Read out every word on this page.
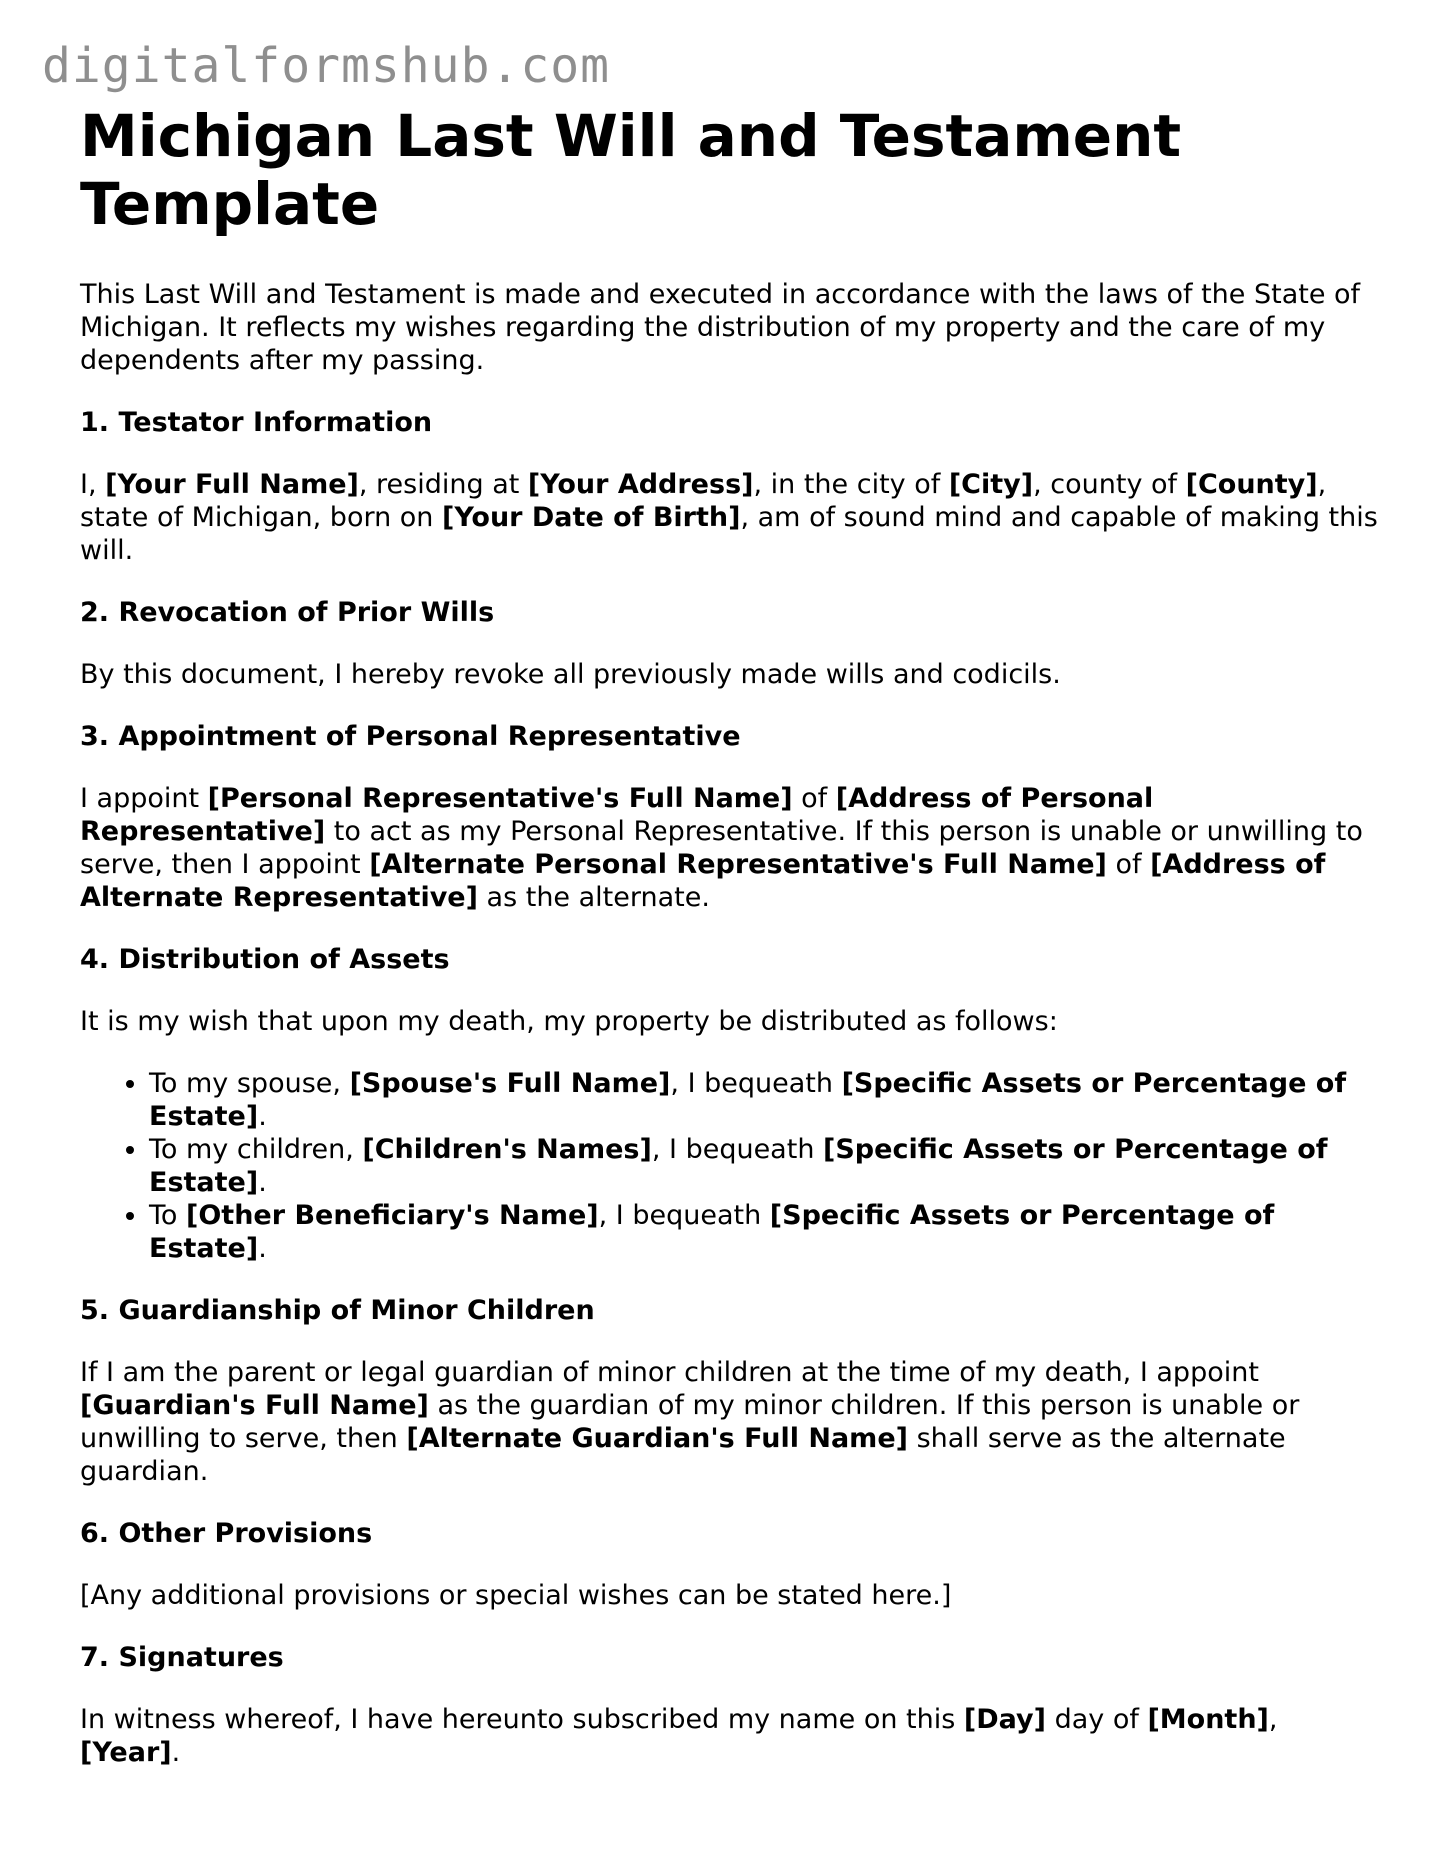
digitalformshub.com
Michigan Last Will and Testament Template

This Last Will and Testament is made and executed in accordance with the laws of the State of Michigan. It reflects my wishes regarding the distribution of my property and the care of my dependents after my passing.

1. Testator Information

I, [Your Full Name], residing at [Your Address], in the city of [City], county of [County], state of Michigan, born on [Your Date of Birth], am of sound mind and capable of making this will.

2. Revocation of Prior Wills

By this document, I hereby revoke all previously made wills and codicils.

3. Appointment of Personal Representative

I appoint [Personal Representative's Full Name] of [Address of Personal Representative] to act as my Personal Representative. If this person is unable or unwilling to serve, then I appoint [Alternate Personal Representative's Full Name] of [Address of Alternate Representative] as the alternate.

4. Distribution of Assets

It is my wish that upon my death, my property be distributed as follows:

• To my spouse, [Spouse's Full Name], I bequeath [Specific Assets or Percentage of Estate].
• To my children, [Children's Names], I bequeath [Specific Assets or Percentage of Estate].
• To [Other Beneficiary's Name], I bequeath [Specific Assets or Percentage of Estate].
5. Guardianship of Minor Children

If I am the parent or legal guardian of minor children at the time of my death, I appoint [Guardian's Full Name] as the guardian of my minor children. If this person is unable or unwilling to serve, then [Alternate Guardian's Full Name] shall serve as the alternate guardian.

6. Other Provisions

[Any additional provisions or special wishes can be stated here.]

7. Signatures

In witness whereof, I have hereunto subscribed my name on this [Day] day of [Month], [Year].
